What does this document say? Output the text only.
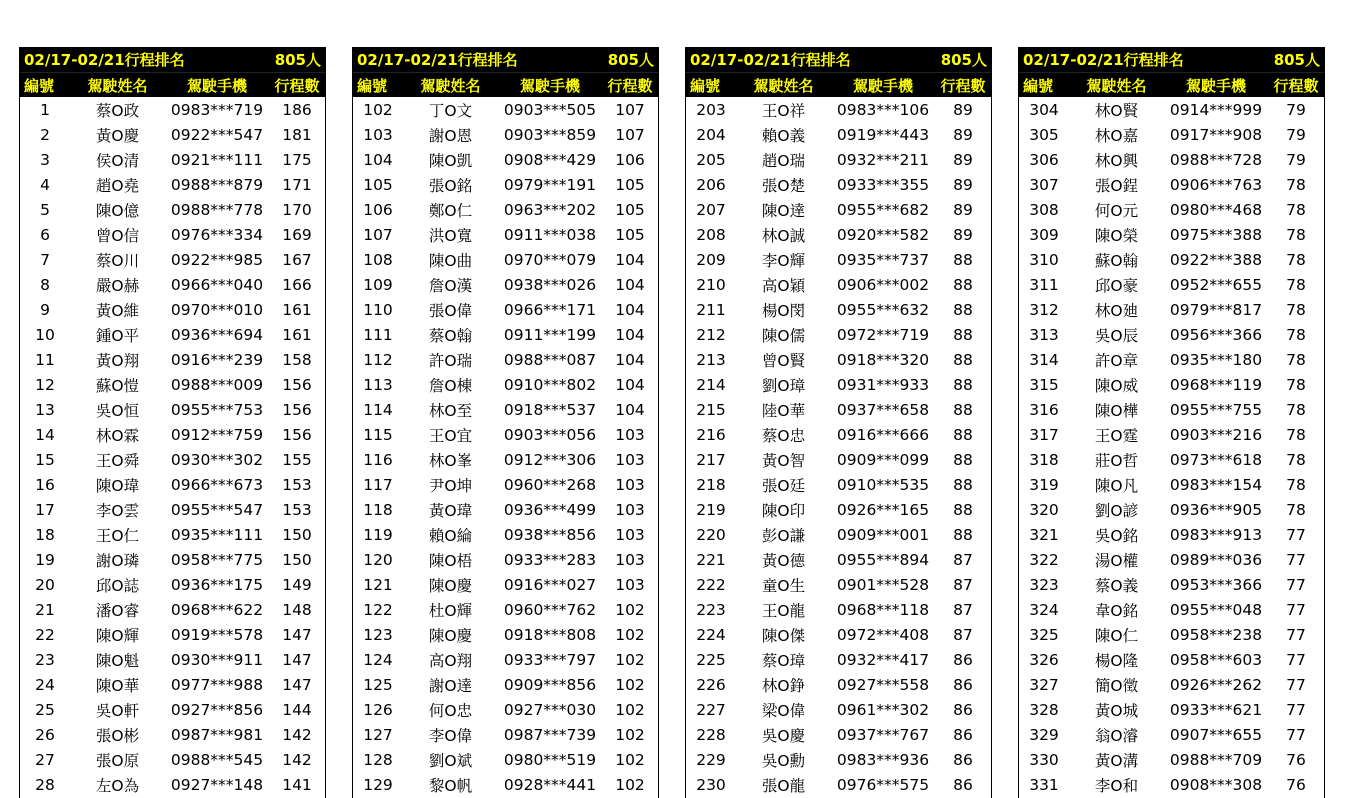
02/17-02/21行程排名	805人
編號	駕駛姓名	駕駛手機	行程數
1	蔡O政	0983***719	186
2	黃O慶	0922***547	181
3	侯O清	0921***111	175
4	趙O堯	0988***879	171
5	陳O億	0988***778	170
6	曾O信	0976***334	169
7	蔡O川	0922***985	167
8	嚴O赫	0966***040	166
9	黃O維	0970***010	161
10	鍾O平	0936***694	161
11	黃O翔	0916***239	158
12	蘇O愷	0988***009	156
13	吳O恒	0955***753	156
14	林O霖	0912***759	156
15	王O舜	0930***302	155
16	陳O瑋	0966***673	153
17	李O雲	0955***547	153
18	王O仁	0935***111	150
19	謝O璘	0958***775	150
20	邱O誌	0936***175	149
21	潘O睿	0968***622	148
22	陳O輝	0919***578	147
23	陳O魁	0930***911	147
24	陳O華	0977***988	147
25	吳O軒	0927***856	144
26	張O彬	0987***981	142
27	張O原	0988***545	142
28	左O為	0927***148	141
02/17-02/21行程排名	805人
編號	駕駛姓名	駕駛手機	行程數
102	丁O文	0903***505	107
103	謝O恩	0903***859	107
104	陳O凱	0908***429	106
105	張O銘	0979***191	105
106	鄭O仁	0963***202	105
107	洪O寬	0911***038	105
108	陳O曲	0970***079	104
109	詹O漢	0938***026	104
110	張O偉	0966***171	104
111	蔡O翰	0911***199	104
112	許O瑞	0988***087	104
113	詹O棟	0910***802	104
114	林O至	0918***537	104
115	王O宜	0903***056	103
116	林O峯	0912***306	103
117	尹O坤	0960***268	103
118	黃O瑋	0936***499	103
119	賴O綸	0938***856	103
120	陳O梧	0933***283	103
121	陳O慶	0916***027	103
122	杜O輝	0960***762	102
123	陳O慶	0918***808	102
124	高O翔	0933***797	102
125	謝O達	0909***856	102
126	何O忠	0927***030	102
127	李O偉	0987***739	102
128	劉O斌	0980***519	102
129	黎O帆	0928***441	102
02/17-02/21行程排名	805人
編號	駕駛姓名	駕駛手機	行程數
203	王O祥	0983***106	89
204	賴O義	0919***443	89
205	趙O瑞	0932***211	89
206	張O楚	0933***355	89
207	陳O達	0955***682	89
208	林O誠	0920***582	89
209	李O輝	0935***737	88
210	高O穎	0906***002	88
211	楊O閔	0955***632	88
212	陳O儒	0972***719	88
213	曾O賢	0918***320	88
214	劉O璋	0931***933	88
215	陸O華	0937***658	88
216	蔡O忠	0916***666	88
217	黃O智	0909***099	88
218	張O廷	0910***535	88
219	陳O印	0926***165	88
220	彭O謙	0909***001	88
221	黃O德	0955***894	87
222	童O生	0901***528	87
223	王O龍	0968***118	87
224	陳O傑	0972***408	87
225	蔡O璋	0932***417	86
226	林O錚	0927***558	86
227	梁O偉	0961***302	86
228	吳O慶	0937***767	86
229	吳O勳	0983***936	86
230	張O龍	0976***575	86
02/17-02/21行程排名	805人
編號	駕駛姓名	駕駛手機	行程數
304	林O賢	0914***999	79
305	林O嘉	0917***908	79
306	林O興	0988***728	79
307	張O鋥	0906***763	78
308	何O元	0980***468	78
309	陳O榮	0975***388	78
310	蘇O翰	0922***388	78
311	邱O豪	0952***655	78
312	林O廸	0979***817	78
313	吳O辰	0956***366	78
314	許O章	0935***180	78
315	陳O威	0968***119	78
316	陳O樺	0955***755	78
317	王O霆	0903***216	78
318	莊O哲	0973***618	78
319	陳O凡	0983***154	78
320	劉O諺	0936***905	78
321	吳O銘	0983***913	77
322	湯O權	0989***036	77
323	蔡O義	0953***366	77
324	韋O銘	0955***048	77
325	陳O仁	0958***238	77
326	楊O隆	0958***603	77
327	簡O徵	0926***262	77
328	黃O城	0933***621	77
329	翁O濬	0907***655	77
330	黃O溝	0988***709	76
331	李O和	0908***308	76
